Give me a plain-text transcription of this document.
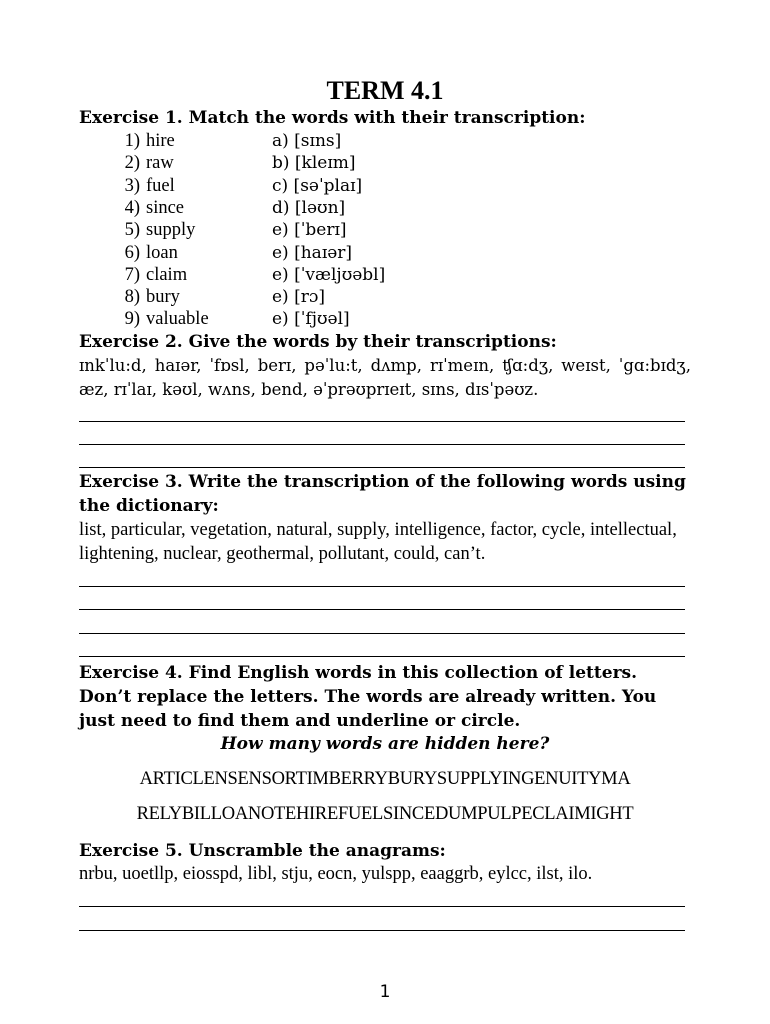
TERM 4.1
Exercise 1. Match the words with their transcription:
1) hire	a) [sɪns]
2) raw	b) [kleɪm]
3) fuel	c) [səˈplaɪ]
4) since	d) [ləʊn]
5) supply	e) [ˈberɪ]
6) loan	e) [haɪər]
7) claim	e) [ˈvæljʊəbl]
8) bury	e) [rɔ]
9) valuable	e) [ˈfjʊəl]
Exercise 2. Give the words by their transcriptions:
ɪnkˈlu:d, haɪər, ˈfɒsl, berɪ, pəˈlu:t, dʌmp, rɪˈmeɪn, ʧɑ:dʒ, weɪst, ˈgɑ:bɪdʒ, æz, rɪˈlaɪ, kəʊl, wʌns, bend, əˈprəʊprɪeɪt, sɪns, dɪsˈpəʊz.
Exercise 3. Write the transcription of the following words using the dictionary:
list, particular, vegetation, natural, supply, intelligence, factor, cycle, intellectual, lightening, nuclear, geothermal, pollutant, could, can’t.
Exercise 4. Find English words in this collection of letters. Don’t replace the letters. The words are already written. You just need to find them and underline or circle.
How many words are hidden here?
ARTICLENSENSORTIMBERRYBURYSUPPLYINGENUITYMA
RELYBILLOANOTEHIREFUELSINCEDUMPULPECLAIMIGHT
Exercise 5. Unscramble the anagrams:
nrbu, uoetllp, eiosspd, libl, stju, eocn, yulspp, eaaggrb, eylcc, ilst, ilo.
1
